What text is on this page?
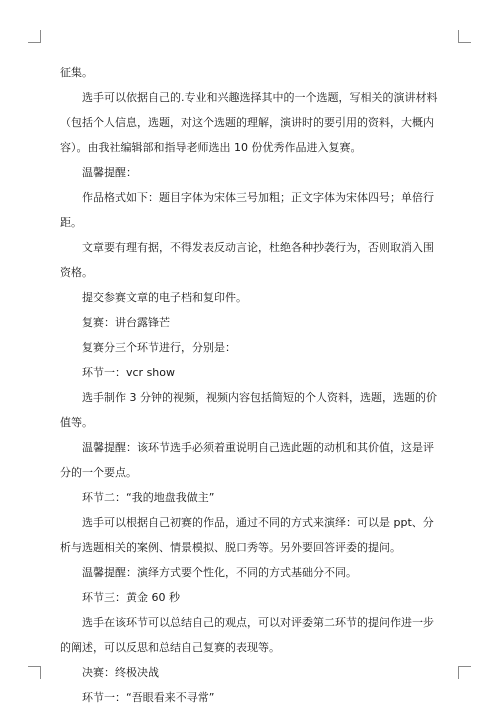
征集。

选手可以依据自己的.专业和兴趣选择其中的一个选题，写相关的演讲材料（包括个人信息，选题，对这个选题的理解，演讲时的要引用的资料，大概内容）。由我社编辑部和指导老师选出 10 份优秀作品进入复赛。

温馨提醒：

作品格式如下：题目字体为宋体三号加粗；正文字体为宋体四号；单倍行距。

文章要有理有据，不得发表反动言论，杜绝各种抄袭行为，否则取消入围资格。

提交参赛文章的电子档和复印件。

复赛：讲台露锋芒

复赛分三个环节进行，分别是：

环节一：vcr show

选手制作 3 分钟的视频，视频内容包括简短的个人资料，选题，选题的价值等。

温馨提醒：该环节选手必须着重说明自己选此题的动机和其价值，这是评分的一个要点。

环节二：“我的地盘我做主”

选手可以根据自己初赛的作品，通过不同的方式来演绎：可以是 ppt、分析与选题相关的案例、情景模拟、脱口秀等。另外要回答评委的提问。

温馨提醒：演绎方式要个性化，不同的方式基础分不同。

环节三：黄金 60 秒

选手在该环节可以总结自己的观点，可以对评委第二环节的提问作进一步的阐述，可以反思和总结自己复赛的表现等。

决赛：终极决战

环节一：“吾眼看来不寻常”
